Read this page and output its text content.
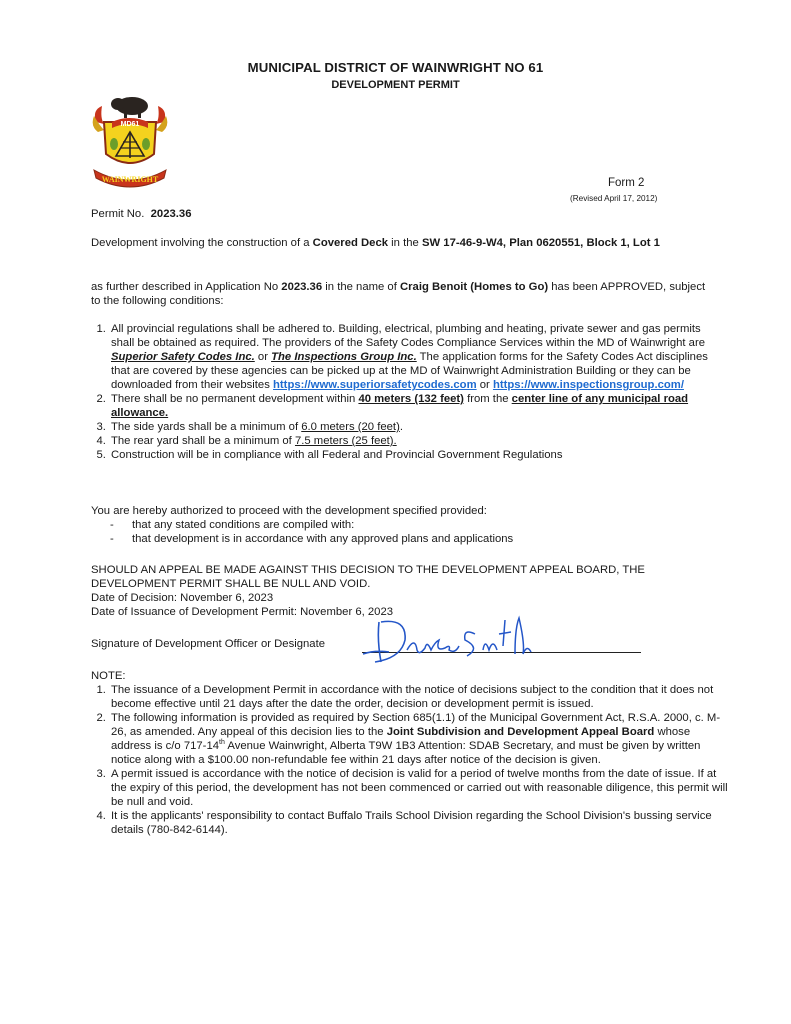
MUNICIPAL DISTRICT OF WAINWRIGHT NO 61
DEVELOPMENT PERMIT
MD61
WAINWRIGHT	Form 2
(Revised April 17, 2012)
Permit No. 2023.36
Development involving the construction of a Covered Deck in the SW 17-46-9-W4, Plan 0620551, Block 1, Lot 1
as further described in Application No 2023.36 in the name of Craig Benoit (Homes to Go) has been APPROVED, subject to the following conditions:
1. All provincial regulations shall be adhered to. Building, electrical, plumbing and heating, private sewer and gas permits shall be obtained as required. The providers of the Safety Codes Compliance Services within the MD of Wainwright are Superior Safety Codes Inc. or The Inspections Group Inc. The application forms for the Safety Codes Act disciplines that are covered by these agencies can be picked up at the MD of Wainwright Administration Building or they can be downloaded from their websites https://www.superiorsafetycodes.com or https://www.inspectionsgroup.com/
2. There shall be no permanent development within 40 meters (132 feet) from the center line of any municipal road allowance.
3. The side yards shall be a minimum of 6.0 meters (20 feet).
4. The rear yard shall be a minimum of 7.5 meters (25 feet).
5. Construction will be in compliance with all Federal and Provincial Government Regulations
You are hereby authorized to proceed with the development specified provided:
- that any stated conditions are compiled with:
- that development is in accordance with any approved plans and applications
SHOULD AN APPEAL BE MADE AGAINST THIS DECISION TO THE DEVELOPMENT APPEAL BOARD, THE DEVELOPMENT PERMIT SHALL BE NULL AND VOID.
Date of Decision: November 6, 2023
Date of Issuance of Development Permit: November 6, 2023
Signature of Development Officer or Designate
NOTE:
1. The issuance of a Development Permit in accordance with the notice of decisions subject to the condition that it does not become effective until 21 days after the date the order, decision or development permit is issued.
2. The following information is provided as required by Section 685(1.1) of the Municipal Government Act, R.S.A. 2000, c. M-26, as amended. Any appeal of this decision lies to the Joint Subdivision and Development Appeal Board whose address is c/o 717-14th Avenue Wainwright, Alberta T9W 1B3 Attention: SDAB Secretary, and must be given by written notice along with a $100.00 non-refundable fee within 21 days after notice of the decision is given.
3. A permit issued is accordance with the notice of decision is valid for a period of twelve months from the date of issue. If at the expiry of this period, the development has not been commenced or carried out with reasonable diligence, this permit will be null and void.
4. It is the applicants' responsibility to contact Buffalo Trails School Division regarding the School Division's bussing service details (780-842-6144).
